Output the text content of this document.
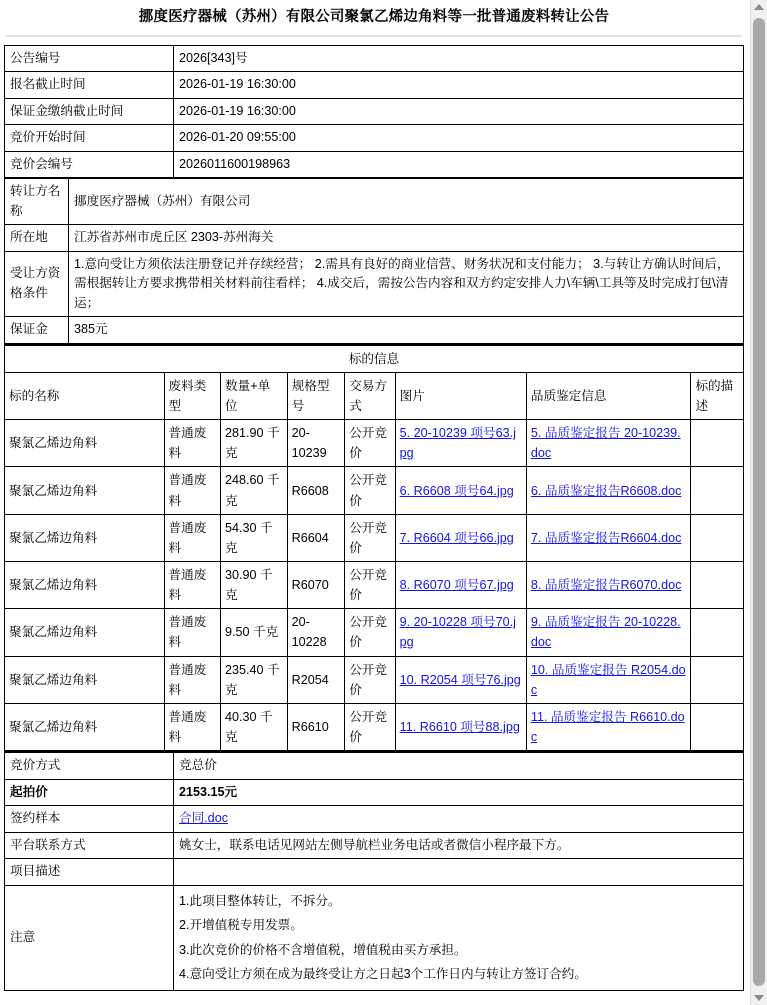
挪度医疗器械（苏州）有限公司聚氯乙烯边角料等一批普通废料转让公告
公告编号	2026[343]号
报名截止时间	2026-01-19 16:30:00
保证金缴纳截止时间	2026-01-19 16:30:00
竞价开始时间	2026-01-20 09:55:00
竞价会编号	2026011600198963
转让方名称	挪度医疗器械（苏州）有限公司
所在地	江苏省苏州市虎丘区 2303-苏州海关
受让方资格条件	1.意向受让方须依法注册登记并存续经营； 2.需具有良好的商业信营、财务状况和支付能力； 3.与转让方确认时间后，需根据转让方要求携带相关材料前往看样； 4.成交后，需按公告内容和双方约定安排人力\车辆\工具等及时完成打包\清运；
保证金	385元
标的信息							
标的名称	废料类型	数量+单位	规格型号	交易方式	图片	品质鉴定信息	标的描述
聚氯乙烯边角料	普通废料	281.90 千克	20-10239	公开竞价	5. 20-10239 项号63.jpg	5. 品质鉴定报告 20-10239.doc	
聚氯乙烯边角料	普通废料	248.60 千克	R6608	公开竞价	6. R6608 项号64.jpg	6. 品质鉴定报告R6608.doc	
聚氯乙烯边角料	普通废料	54.30 千克	R6604	公开竞价	7. R6604 项号66.jpg	7. 品质鉴定报告R6604.doc	
聚氯乙烯边角料	普通废料	30.90 千克	R6070	公开竞价	8. R6070 项号67.jpg	8. 品质鉴定报告R6070.doc	
聚氯乙烯边角料	普通废料	9.50 千克	20-10228	公开竞价	9. 20-10228 项号70.jpg	9. 品质鉴定报告 20-10228.doc	
聚氯乙烯边角料	普通废料	235.40 千克	R2054	公开竞价	10. R2054 项号76.jpg	10. 品质鉴定报告 R2054.doc	
聚氯乙烯边角料	普通废料	40.30 千克	R6610	公开竞价	11. R6610 项号88.jpg	11. 品质鉴定报告 R6610.doc	
竞价方式	竞总价
起拍价	2153.15元
签约样本	合同.doc
平台联系方式	姚女士，联系电话见网站左侧导航栏业务电话或者微信小程序最下方。
项目描述	
注意	1.此项目整体转让，不拆分。
2.开增值税专用发票。
3.此次竞价的价格不含增值税，增值税由买方承担。
4.意向受让方须在成为最终受让方之日起3个工作日内与转让方签订合约。
